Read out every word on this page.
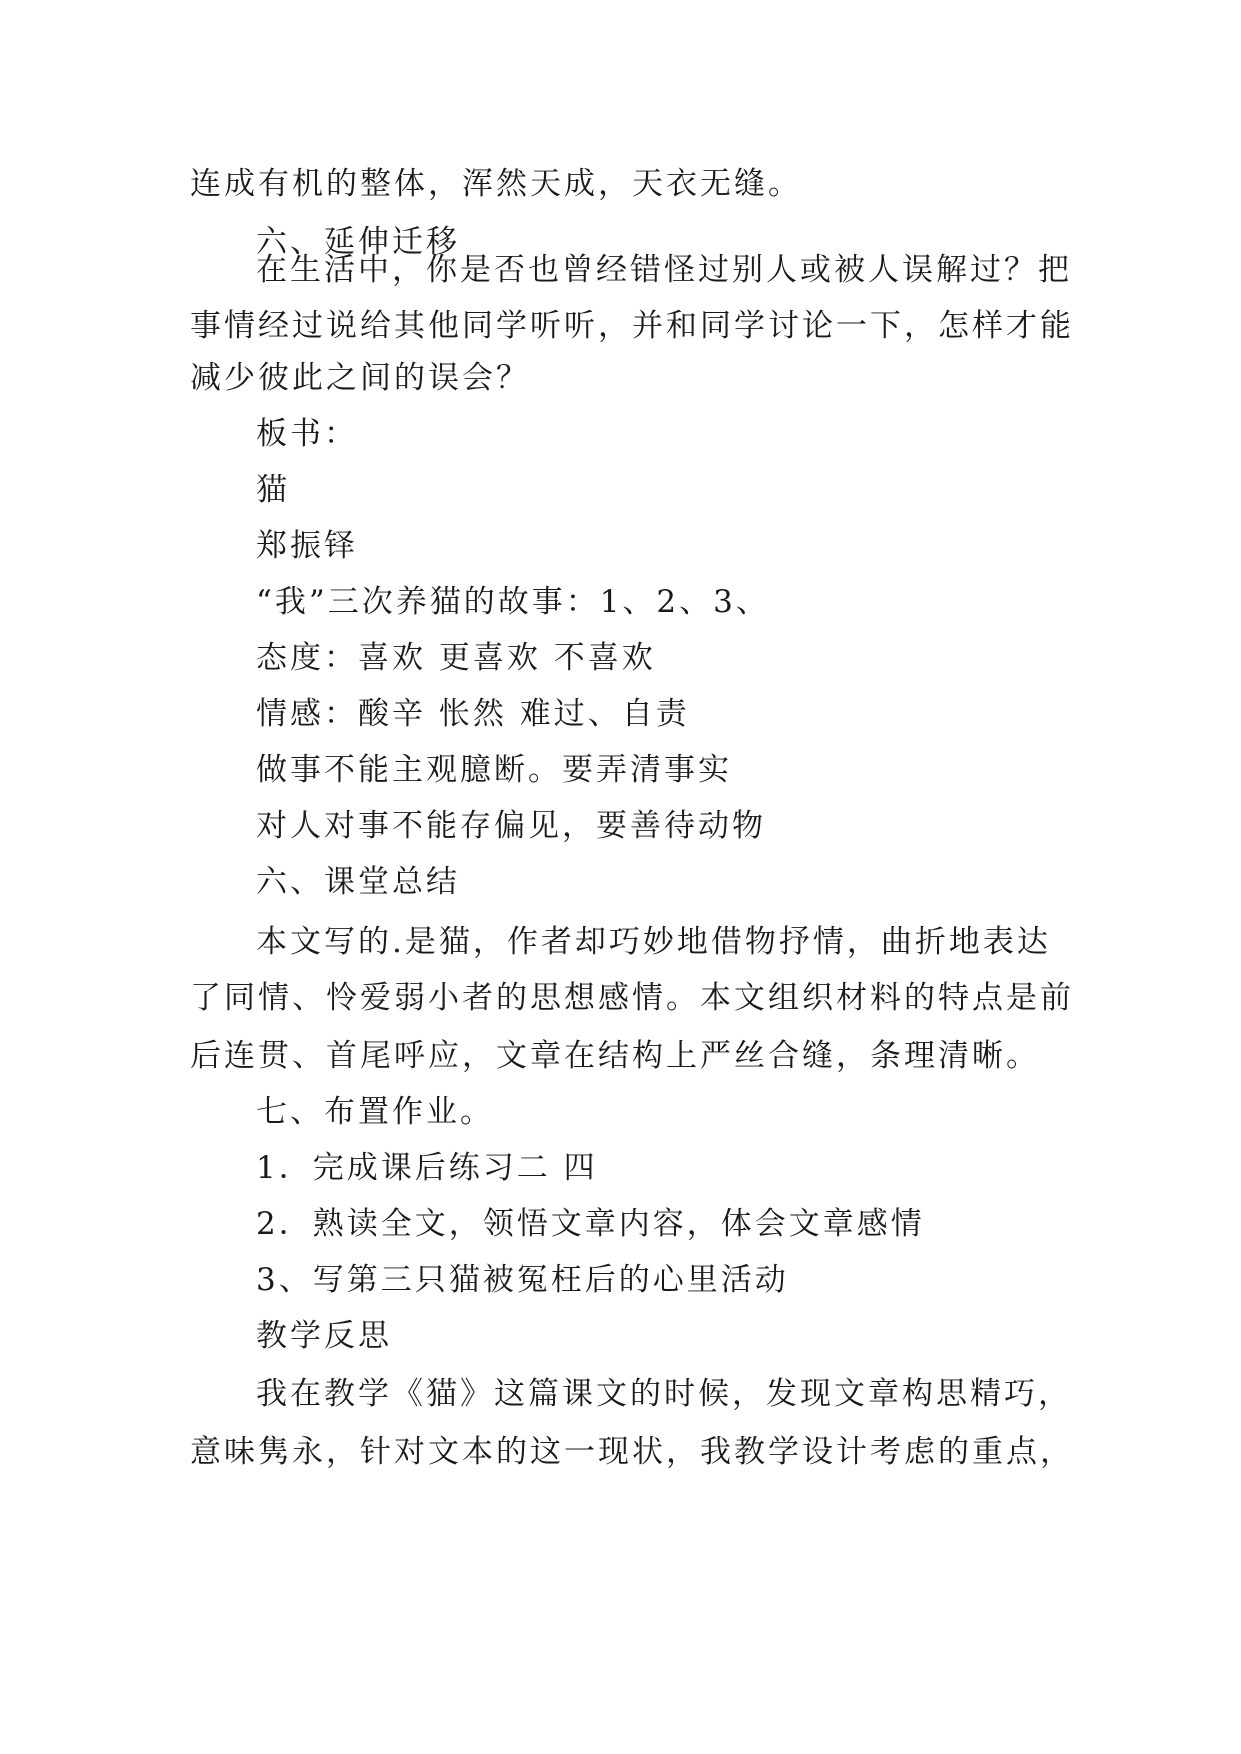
连成有机的整体，浑然天成，天衣无缝。
六、延伸迁移
在生活中，你是否也曾经错怪过别人或被人误解过？把
事情经过说给其他同学听听，并和同学讨论一下，怎样才能
减少彼此之间的误会？
板书：
猫
郑振铎
“我”三次养猫的故事：1、2、3、
态度：喜欢 更喜欢 不喜欢
情感：酸辛 怅然 难过、自责
做事不能主观臆断。要弄清事实
对人对事不能存偏见，要善待动物
六、课堂总结
本文写的.是猫，作者却巧妙地借物抒情，曲折地表达
了同情、怜爱弱小者的思想感情。本文组织材料的特点是前
后连贯、首尾呼应，文章在结构上严丝合缝，条理清晰。
七、布置作业。
1．完成课后练习二 四
2．熟读全文，领悟文章内容，体会文章感情
3、写第三只猫被冤枉后的心里活动
教学反思
我在教学《猫》这篇课文的时候，发现文章构思精巧，
意味隽永，针对文本的这一现状，我教学设计考虑的重点，
